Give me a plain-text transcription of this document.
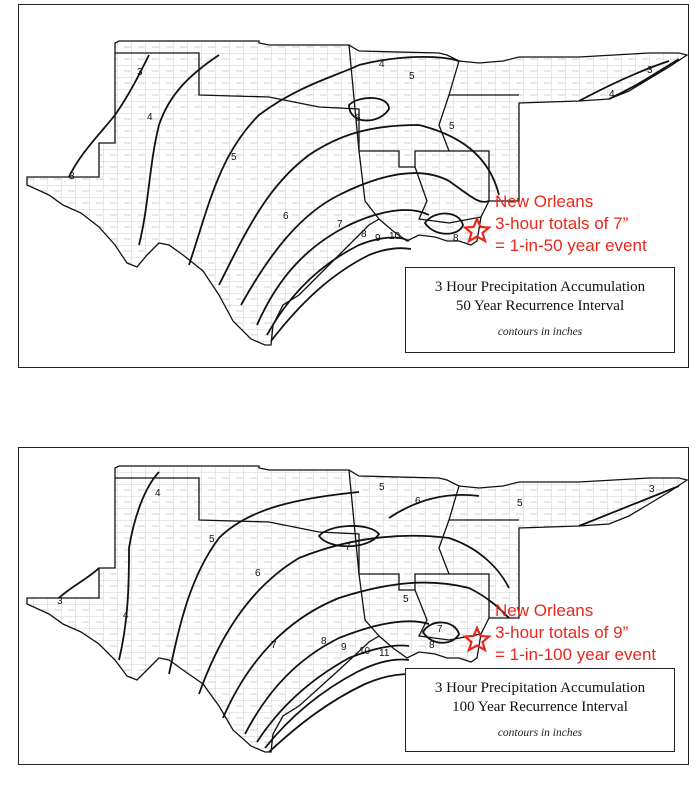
3
4
5
6
7
8 9 10
3
4
5
6
4
3
5
8
New Orleans
3-hour totals of 7”
= 1-in-50 year event
3 Hour Precipitation Accumulation
50 Year Recurrence Interval
contours in inches
3
4
5
6
7	8
9 10 11
4
5
6	5
7
5
3
7
8
New Orleans
3-hour totals of 9”
= 1-in-100 year event
3 Hour Precipitation Accumulation
100 Year Recurrence Interval
contours in inches
